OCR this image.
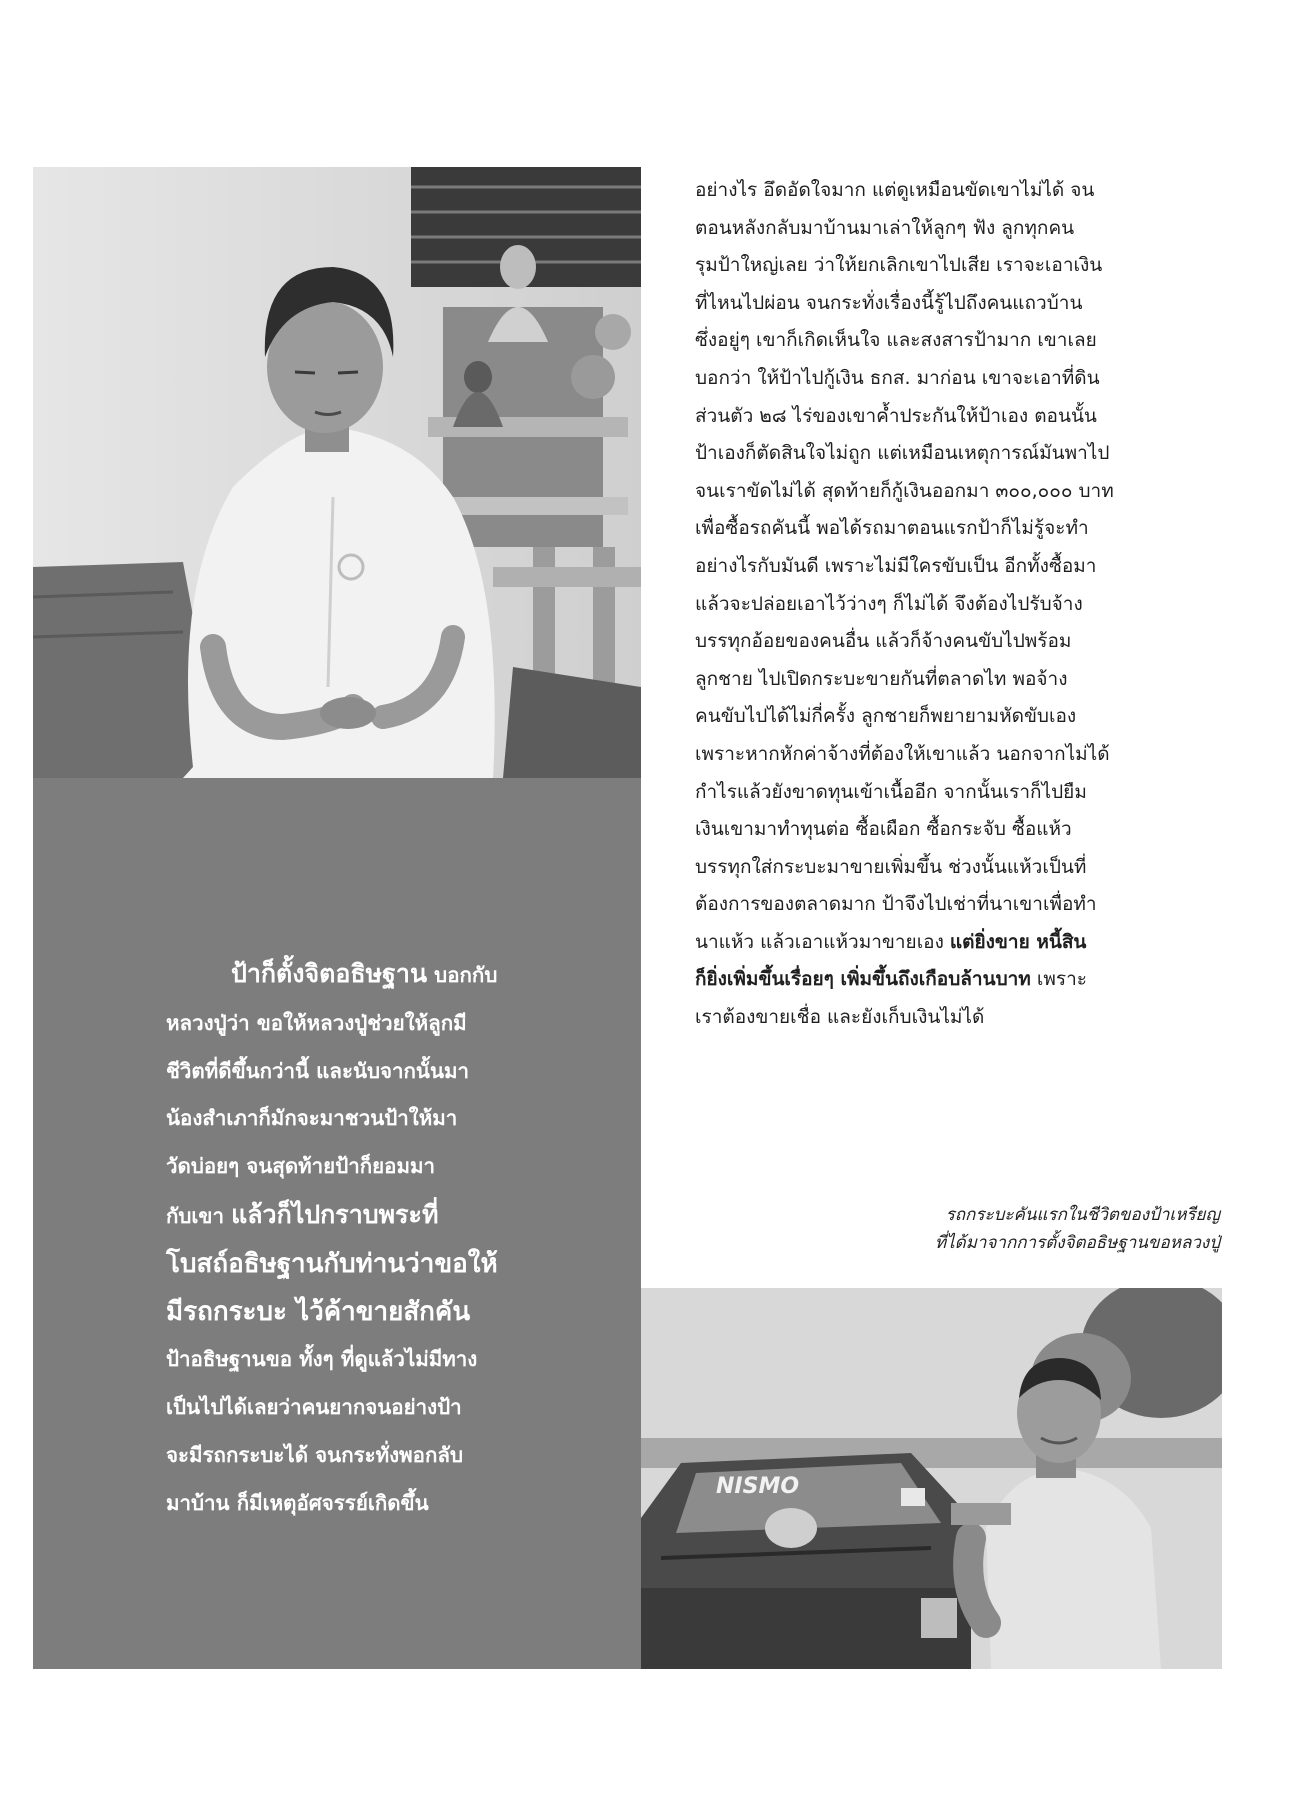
ป้าก็ตั้งจิตอธิษฐาน บอกกับ
หลวงปู่ว่า ขอให้หลวงปู่ช่วยให้ลูกมี
ชีวิตที่ดีขึ้นกว่านี้ และนับจากนั้นมา
น้องสำเภาก็มักจะมาชวนป้าให้มา
วัดบ่อยๆ จนสุดท้ายป้าก็ยอมมา
กับเขา แล้วก็ไปกราบพระที่
โบสถ์อธิษฐานกับท่านว่าขอให้
มีรถกระบะ ไว้ค้าขายสักคัน
ป้าอธิษฐานขอ ทั้งๆ ที่ดูแล้วไม่มีทาง
เป็นไปได้เลยว่าคนยากจนอย่างป้า
จะมีรถกระบะได้ จนกระทั่งพอกลับ
มาบ้าน ก็มีเหตุอัศจรรย์เกิดขึ้น

อย่างไร อึดอัดใจมาก แต่ดูเหมือนขัดเขาไม่ได้ จน
ตอนหลังกลับมาบ้านมาเล่าให้ลูกๆ ฟัง ลูกทุกคน
รุมป้าใหญ่เลย ว่าให้ยกเลิกเขาไปเสีย เราจะเอาเงิน
ที่ไหนไปผ่อน จนกระทั่งเรื่องนี้รู้ไปถึงคนแถวบ้าน
ซึ่งอยู่ๆ เขาก็เกิดเห็นใจ และสงสารป้ามาก เขาเลย
บอกว่า ให้ป้าไปกู้เงิน ธกส. มาก่อน เขาจะเอาที่ดิน
ส่วนตัว ๒๘ ไร่ของเขาค้ำประกันให้ป้าเอง ตอนนั้น
ป้าเองก็ตัดสินใจไม่ถูก แต่เหมือนเหตุการณ์มันพาไป
จนเราขัดไม่ได้ สุดท้ายก็กู้เงินออกมา ๓๐๐,๐๐๐ บาท
เพื่อซื้อรถคันนี้ พอได้รถมาตอนแรกป้าก็ไม่รู้จะทำ
อย่างไรกับมันดี เพราะไม่มีใครขับเป็น อีกทั้งซื้อมา
แล้วจะปล่อยเอาไว้ว่างๆ ก็ไม่ได้ จึงต้องไปรับจ้าง
บรรทุกอ้อยของคนอื่น แล้วก็จ้างคนขับไปพร้อม
ลูกชาย ไปเปิดกระบะขายกันที่ตลาดไท พอจ้าง
คนขับไปได้ไม่กี่ครั้ง ลูกชายก็พยายามหัดขับเอง
เพราะหากหักค่าจ้างที่ต้องให้เขาแล้ว นอกจากไม่ได้
กำไรแล้วยังขาดทุนเข้าเนื้ออีก จากนั้นเราก็ไปยืม
เงินเขามาทำทุนต่อ ซื้อเผือก ซื้อกระจับ ซื้อแห้ว
บรรทุกใส่กระบะมาขายเพิ่มขึ้น ช่วงนั้นแห้วเป็นที่
ต้องการของตลาดมาก ป้าจึงไปเช่าที่นาเขาเพื่อทำ
นาแห้ว แล้วเอาแห้วมาขายเอง แต่ยิ่งขาย หนี้สิน
ก็ยิ่งเพิ่มขึ้นเรื่อยๆ เพิ่มขึ้นถึงเกือบล้านบาท เพราะ
เราต้องขายเชื่อ และยังเก็บเงินไม่ได้
รถกระบะคันแรกในชีวิตของป้าเหรียญ
ที่ได้มาจากการตั้งจิตอธิษฐานขอหลวงปู่
NISMO
